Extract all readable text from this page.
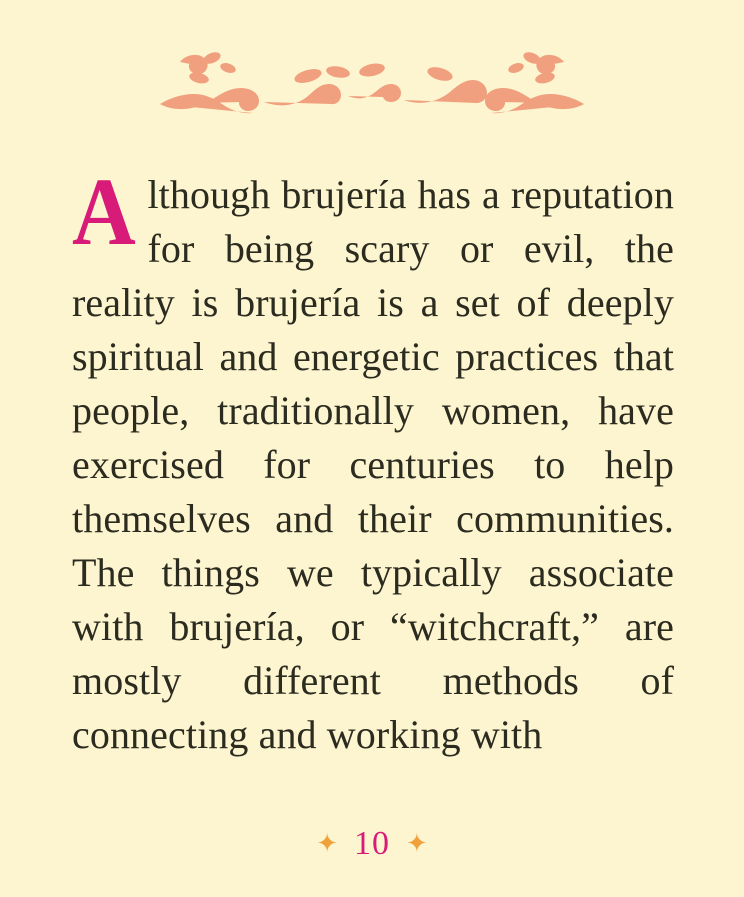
Although brujería has a reputation for being scary or evil, the reality is brujería is a set of deeply spiritual and energetic practices that people, traditionally women, have exercised for centuries to help themselves and their communities. The things we typically associate with brujería, or “witchcraft,” are mostly different methods of connecting and working with

✦ 10 ✦
